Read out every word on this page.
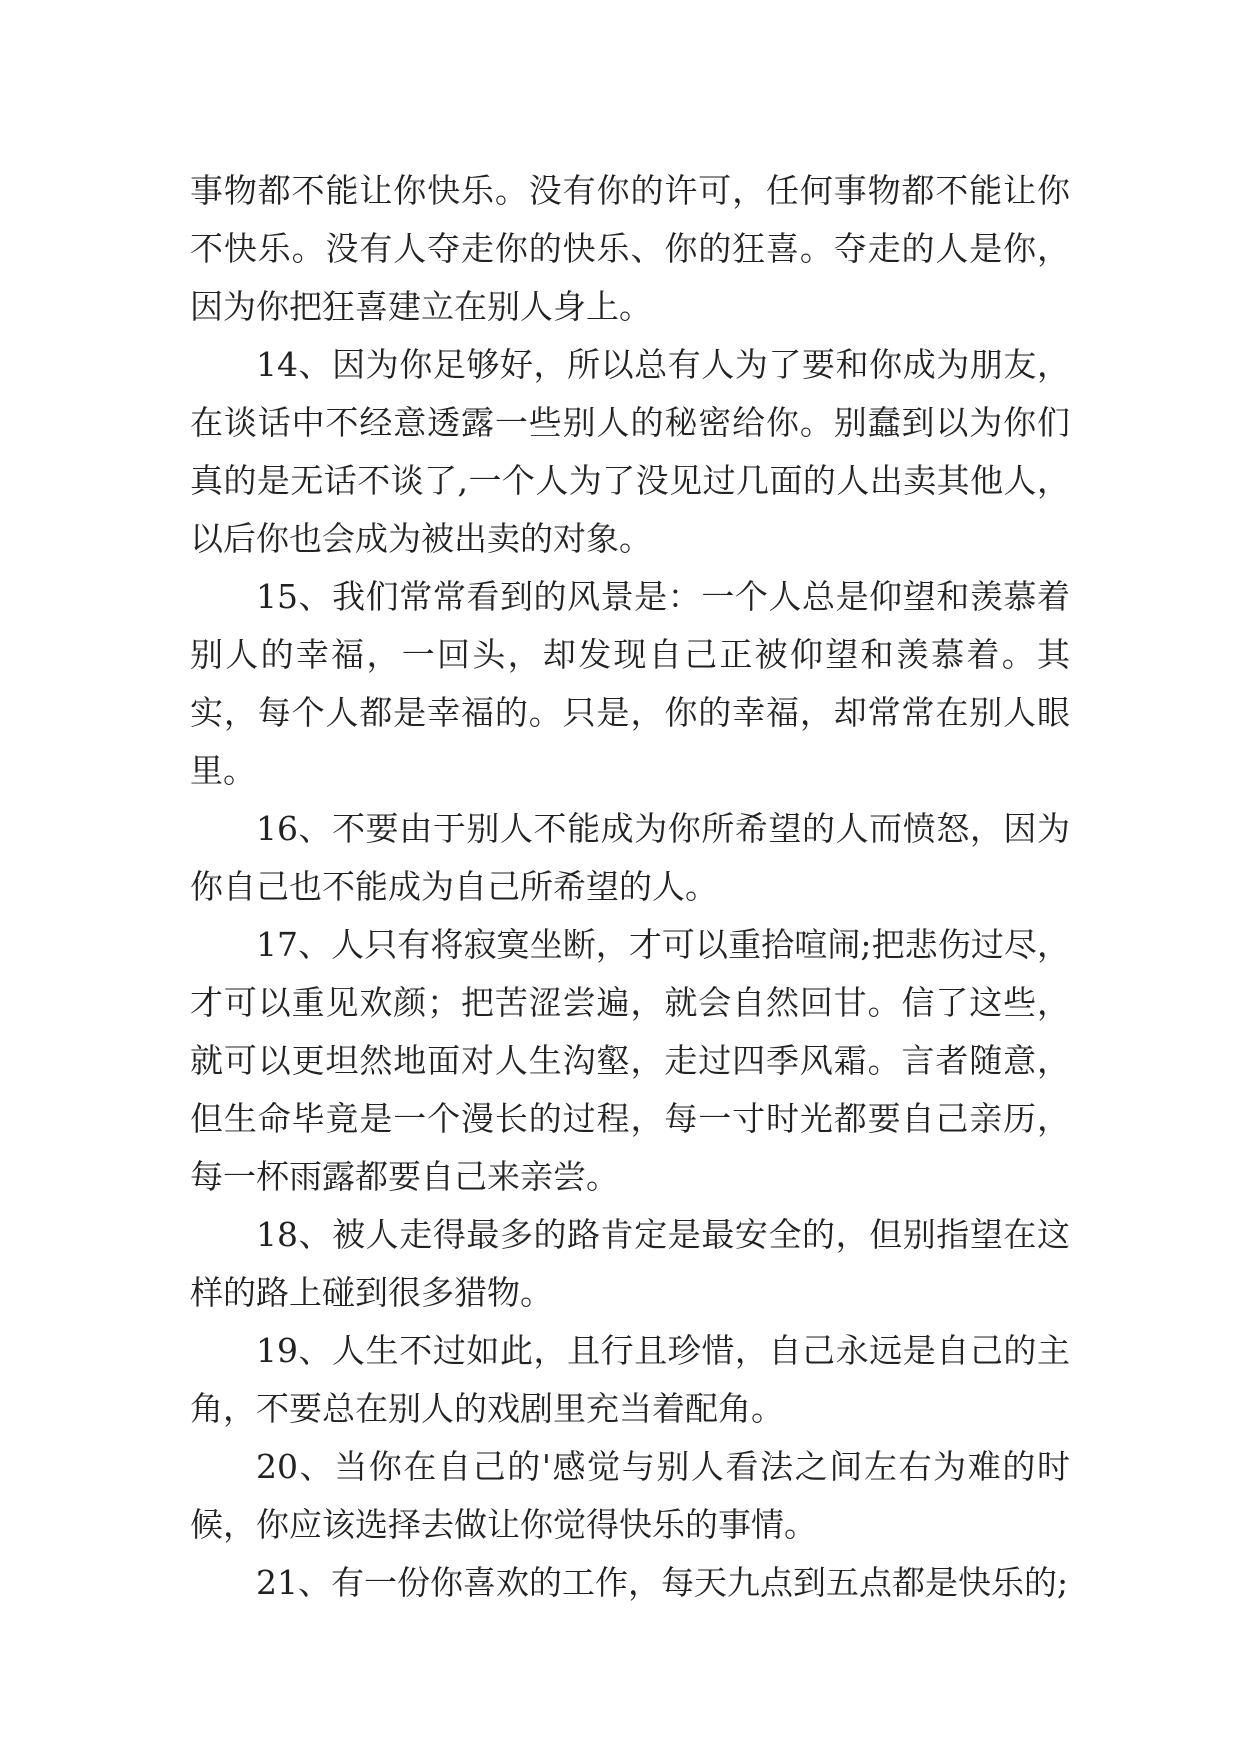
事物都不能让你快乐。没有你的许可，任何事物都不能让你不快乐。没有人夺走你的快乐、你的狂喜。夺走的人是你，因为你把狂喜建立在别人身上。

14、因为你足够好，所以总有人为了要和你成为朋友，在谈话中不经意透露一些别人的秘密给你。别蠢到以为你们真的是无话不谈了,一个人为了没见过几面的人出卖其他人，以后你也会成为被出卖的对象。

15、我们常常看到的风景是：一个人总是仰望和羡慕着别人的幸福，一回头，却发现自己正被仰望和羡慕着。其实，每个人都是幸福的。只是，你的幸福，却常常在别人眼里。

16、不要由于别人不能成为你所希望的人而愤怒，因为你自己也不能成为自己所希望的人。

17、人只有将寂寞坐断，才可以重拾喧闹;把悲伤过尽，才可以重见欢颜；把苦涩尝遍，就会自然回甘。信了这些，就可以更坦然地面对人生沟壑，走过四季风霜。言者随意，但生命毕竟是一个漫长的过程，每一寸时光都要自己亲历，每一杯雨露都要自己来亲尝。

18、被人走得最多的路肯定是最安全的，但别指望在这样的路上碰到很多猎物。

19、人生不过如此，且行且珍惜，自己永远是自己的主角，不要总在别人的戏剧里充当着配角。

20、当你在自己的'感觉与别人看法之间左右为难的时候，你应该选择去做让你觉得快乐的事情。

21、有一份你喜欢的工作，每天九点到五点都是快乐的;
